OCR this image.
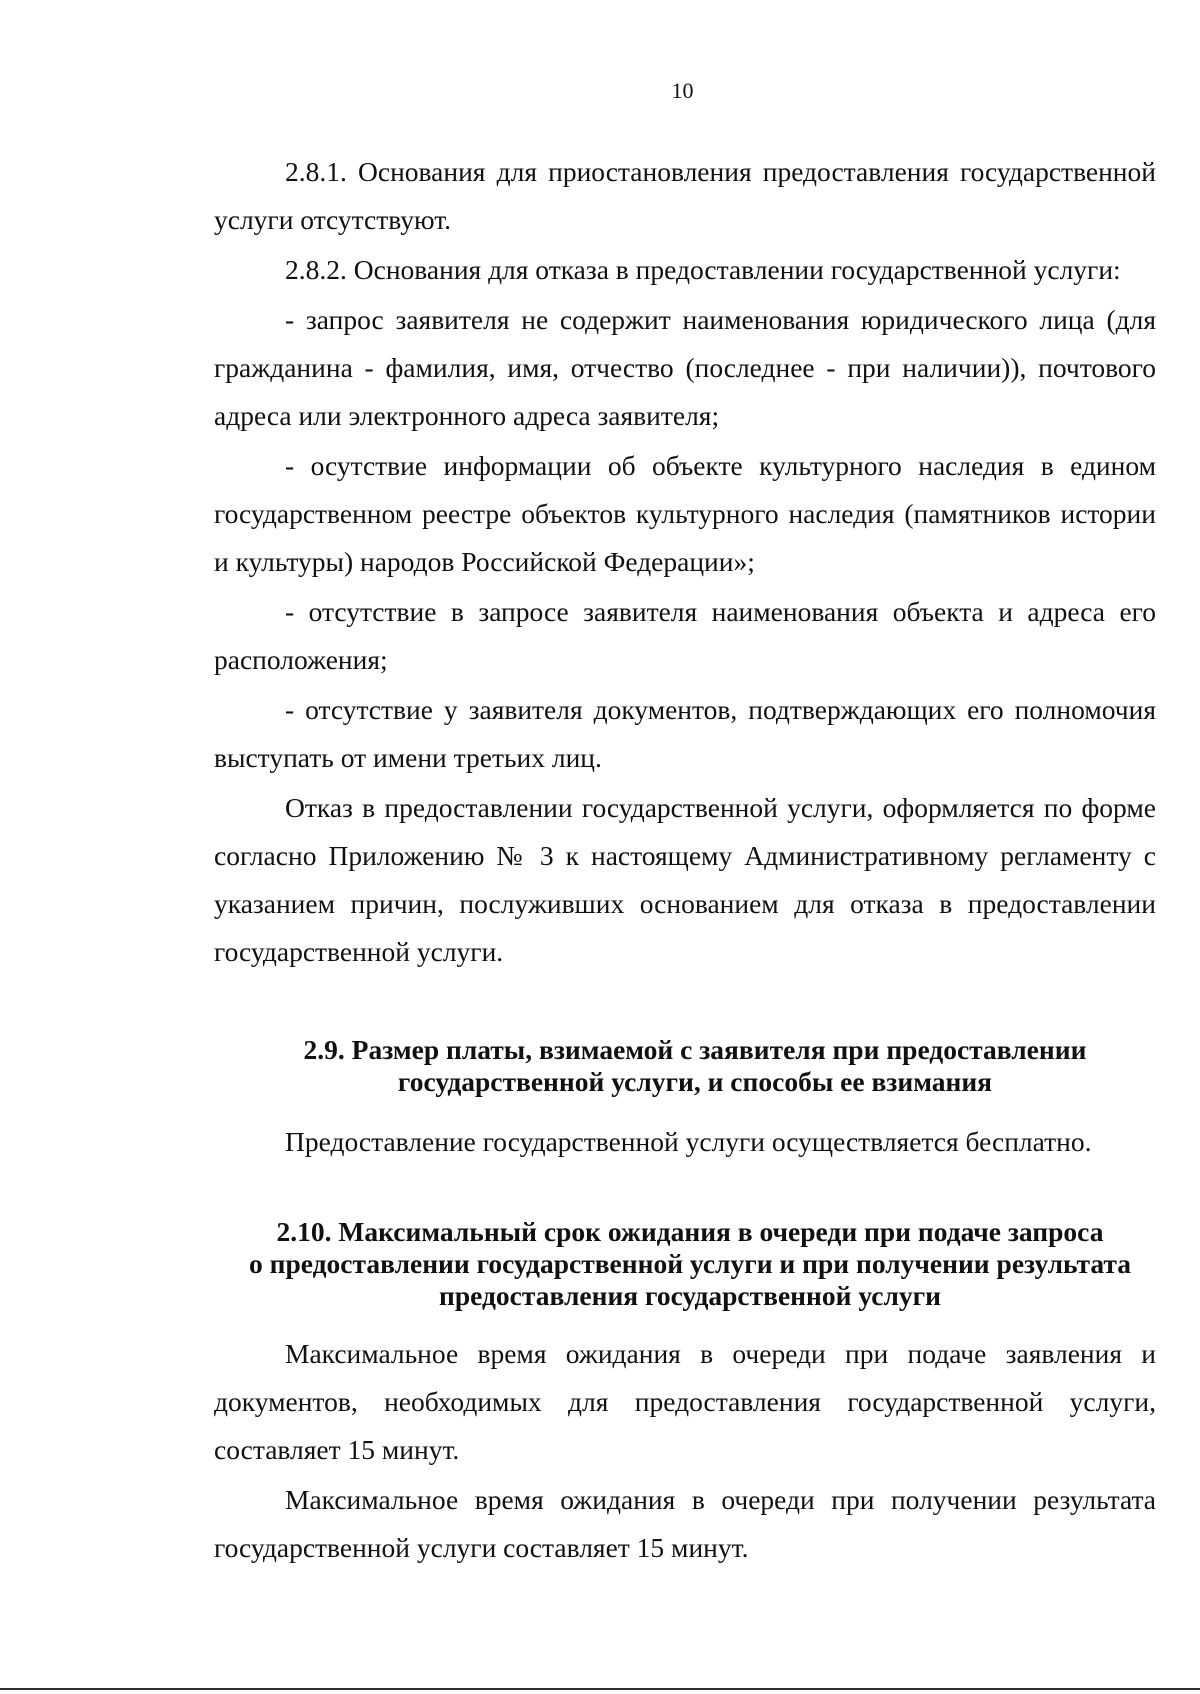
10

2.8.1. Основания для приостановления предоставления государственной услуги отсутствуют.

2.8.2. Основания для отказа в предоставлении государственной услуги:

- запрос заявителя не содержит наименования юридического лица (для гражданина - фамилия, имя, отчество (последнее - при наличии)), почтового адреса или электронного адреса заявителя;

- осутствие информации об объекте культурного наследия в едином государственном реестре объектов культурного наследия (памятников истории и культуры) народов Российской Федерации»;

- отсутствие в запросе заявителя наименования объекта и адреса его расположения;

- отсутствие у заявителя документов, подтверждающих его полномочия выступать от имени третьих лиц.

Отказ в предоставлении государственной услуги, оформляется по форме согласно Приложению № 3 к настоящему Административному регламенту с указанием причин, послуживших основанием для отказа в предоставлении государственной услуги.

2.9. Размер платы, взимаемой с заявителя при предоставлении
государственной услуги, и способы ее взимания

Предоставление государственной услуги осуществляется бесплатно.

2.10. Максимальный срок ожидания в очереди при подаче запроса
о предоставлении государственной услуги и при получении результата
предоставления государственной услуги

Максимальное время ожидания в очереди при подаче заявления и документов, необходимых для предоставления государственной услуги, составляет 15 минут.

Максимальное время ожидания в очереди при получении результата государственной услуги составляет 15 минут.
